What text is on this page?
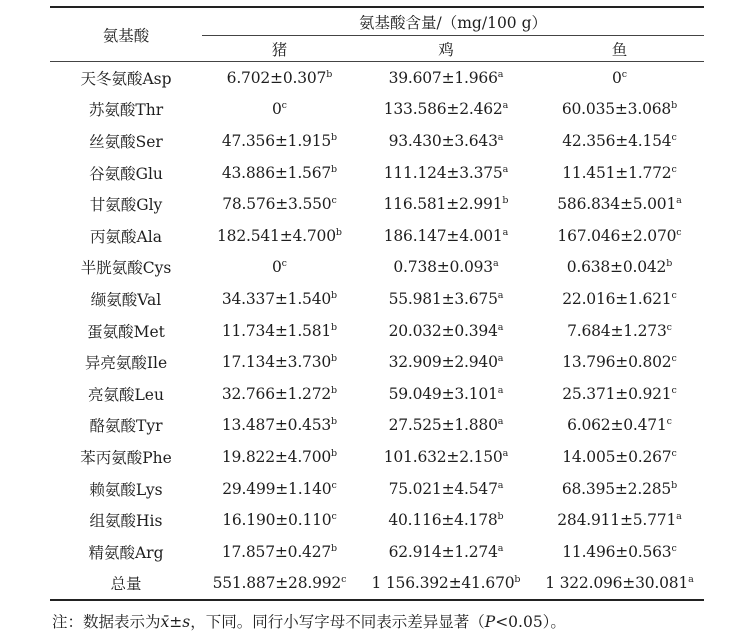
氨基酸	氨基酸含量/（mg/100 g）		
	猪	鸡	鱼
天冬氨酸Asp	6.702±0.307$^b$	39.607±1.966$^a$	0$^c$
苏氨酸Thr	0$^c$	133.586±2.462$^a$	60.035±3.068$^b$
丝氨酸Ser	47.356±1.915$^b$	93.430±3.643$^a$	42.356±4.154$^c$
谷氨酸Glu	43.886±1.567$^b$	111.124±3.375$^a$	11.451±1.772$^c$
甘氨酸Gly	78.576±3.550$^c$	116.581±2.991$^b$	586.834±5.001$^a$
丙氨酸Ala	182.541±4.700$^b$	186.147±4.001$^a$	167.046±2.070$^c$
半胱氨酸Cys	0$^c$	0.738±0.093$^a$	0.638±0.042$^b$
缬氨酸Val	34.337±1.540$^b$	55.981±3.675$^a$	22.016±1.621$^c$
蛋氨酸Met	11.734±1.581$^b$	20.032±0.394$^a$	7.684±1.273$^c$
异亮氨酸Ile	17.134±3.730$^b$	32.909±2.940$^a$	13.796±0.802$^c$
亮氨酸Leu	32.766±1.272$^b$	59.049±3.101$^a$	25.371±0.921$^c$
酪氨酸Tyr	13.487±0.453$^b$	27.525±1.880$^a$	6.062±0.471$^c$
苯丙氨酸Phe	19.822±4.700$^b$	101.632±2.150$^a$	14.005±0.267$^c$
赖氨酸Lys	29.499±1.140$^c$	75.021±4.547$^a$	68.395±2.285$^b$
组氨酸His	16.190±0.110$^c$	40.116±4.178$^b$	284.911±5.771$^a$
精氨酸Arg	17.857±0.427$^b$	62.914±1.274$^a$	11.496±0.563$^c$
总量	551.887±28.992$^c$	1 156.392±41.670$^b$	1 322.096±30.081$^a$
注：数据表示为x̄±s，下同。同行小写字母不同表示差异显著（P<0.05）。
